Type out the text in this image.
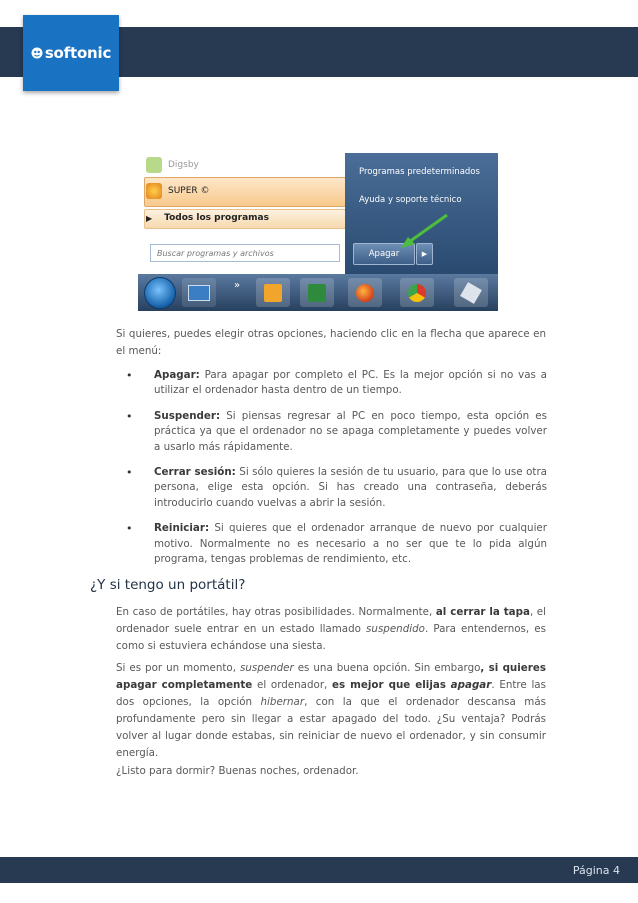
softonic
Digsby
SUPER ©
▶ Todos los programas
Buscar programas y archivos
Programas predeterminados
Ayuda y soporte técnico
Apagar	▶
»
Si quieres, puedes elegir otras opciones, haciendo clic en la flecha que aparece en el menú:
• Apagar: Para apagar por completo el PC. Es la mejor opción si no vas a utilizar el ordenador hasta dentro de un tiempo.
• Suspender: Si piensas regresar al PC en poco tiempo, esta opción es práctica ya que el ordenador no se apaga completamente y puedes volver a usarlo más rápidamente.
• Cerrar sesión: Si sólo quieres la sesión de tu usuario, para que lo use otra persona, elige esta opción. Si has creado una contraseña, deberás introducirlo cuando vuelvas a abrir la sesión.
• Reiniciar: Si quieres que el ordenador arranque de nuevo por cualquier motivo. Normalmente no es necesario a no ser que te lo pida algún programa, tengas problemas de rendimiento, etc.
¿Y si tengo un portátil?
En caso de portátiles, hay otras posibilidades. Normalmente, al cerrar la tapa, el ordenador suele entrar en un estado llamado suspendido. Para entendernos, es como si estuviera echándose una siesta.
Si es por un momento, suspender es una buena opción. Sin embargo, si quieres apagar completamente el ordenador, es mejor que elijas apagar. Entre las dos opciones, la opción hibernar, con la que el ordenador descansa más profundamente pero sin llegar a estar apagado del todo. ¿Su ventaja? Podrás volver al lugar donde estabas, sin reiniciar de nuevo el ordenador, y sin consumir energía.
¿Listo para dormir? Buenas noches, ordenador.
Página 4
